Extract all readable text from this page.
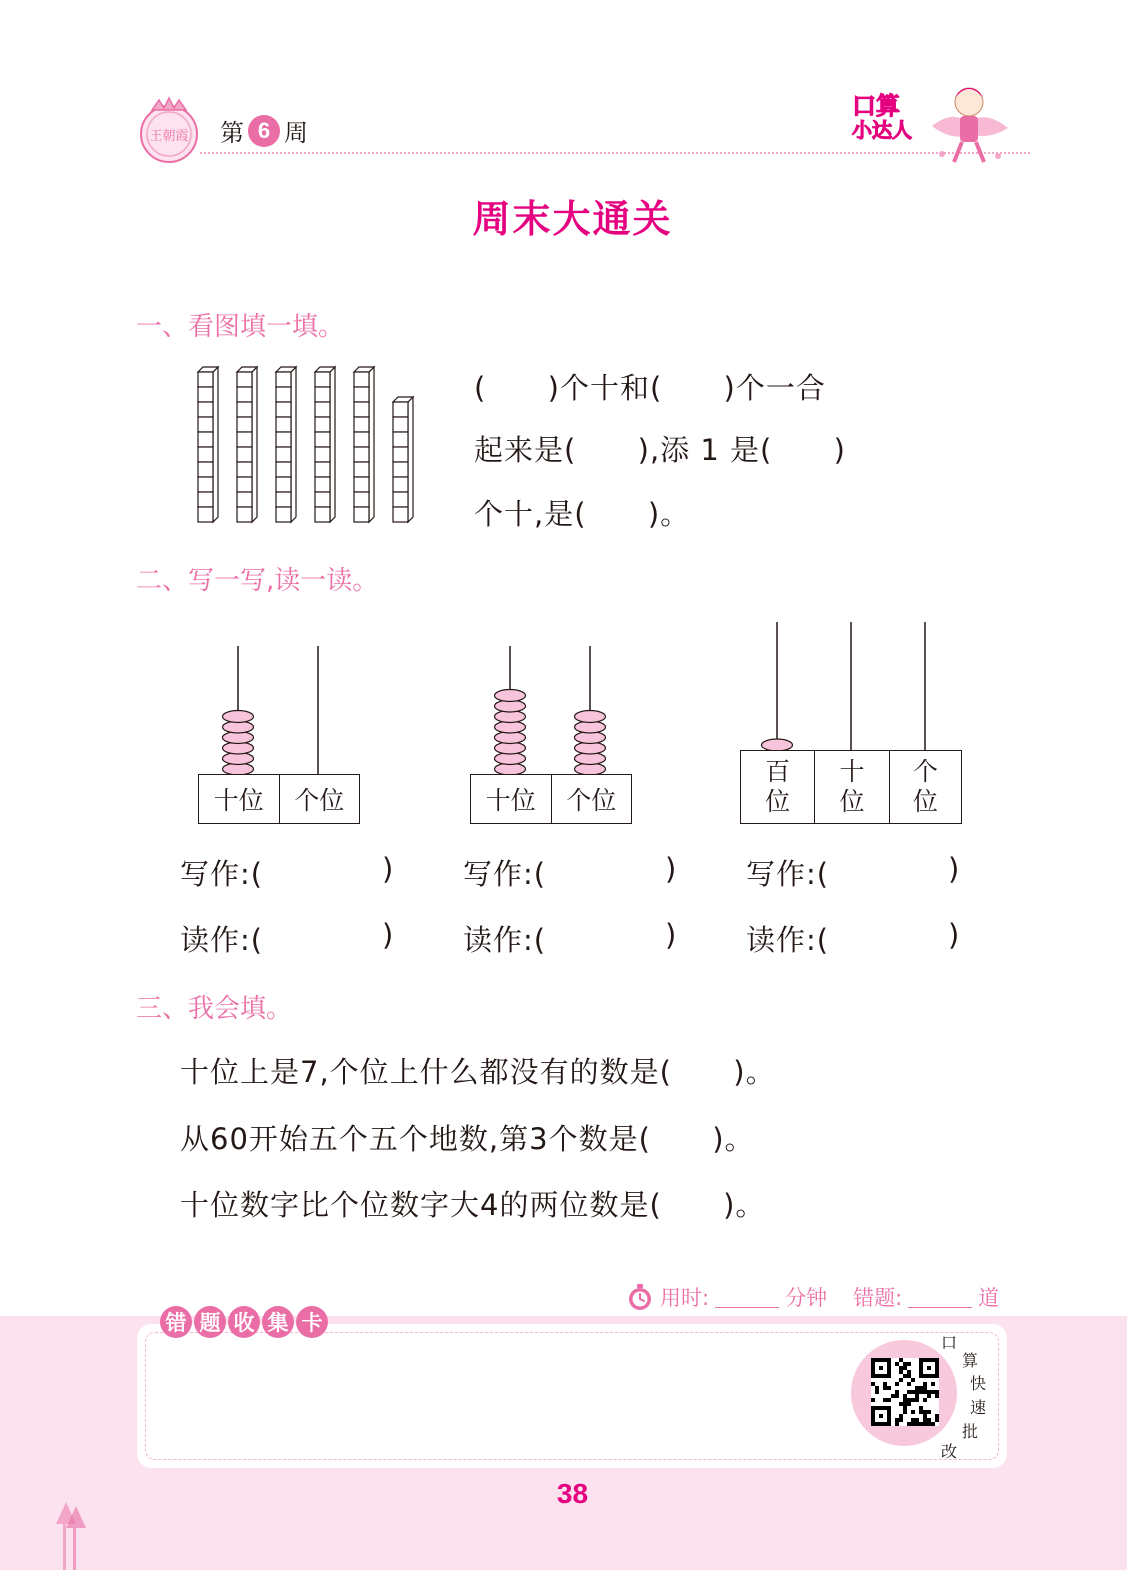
王朝霞 第 6 周
口算
小达人
周末大通关
一、看图填一填。
(      )个十和(      )个一合
起来是(      ),添 1 是(      )
个十,是(      )。
二、写一写,读一读。
十位	个位	十位	个位
百
位
十
位
个
位
写作:(	)
读作:(	)
写作:(	)
读作:(	)
写作:(	)
读作:(	)
三、我会填。
十位上是7,个位上什么都没有的数是(      )。
从60开始五个五个地数,第3个数是(      )。
十位数字比个位数字大4的两位数是(      )。
用时:	分钟 错题:	道
错 题 收 集 卡
口
算
快
速
批
改
38
